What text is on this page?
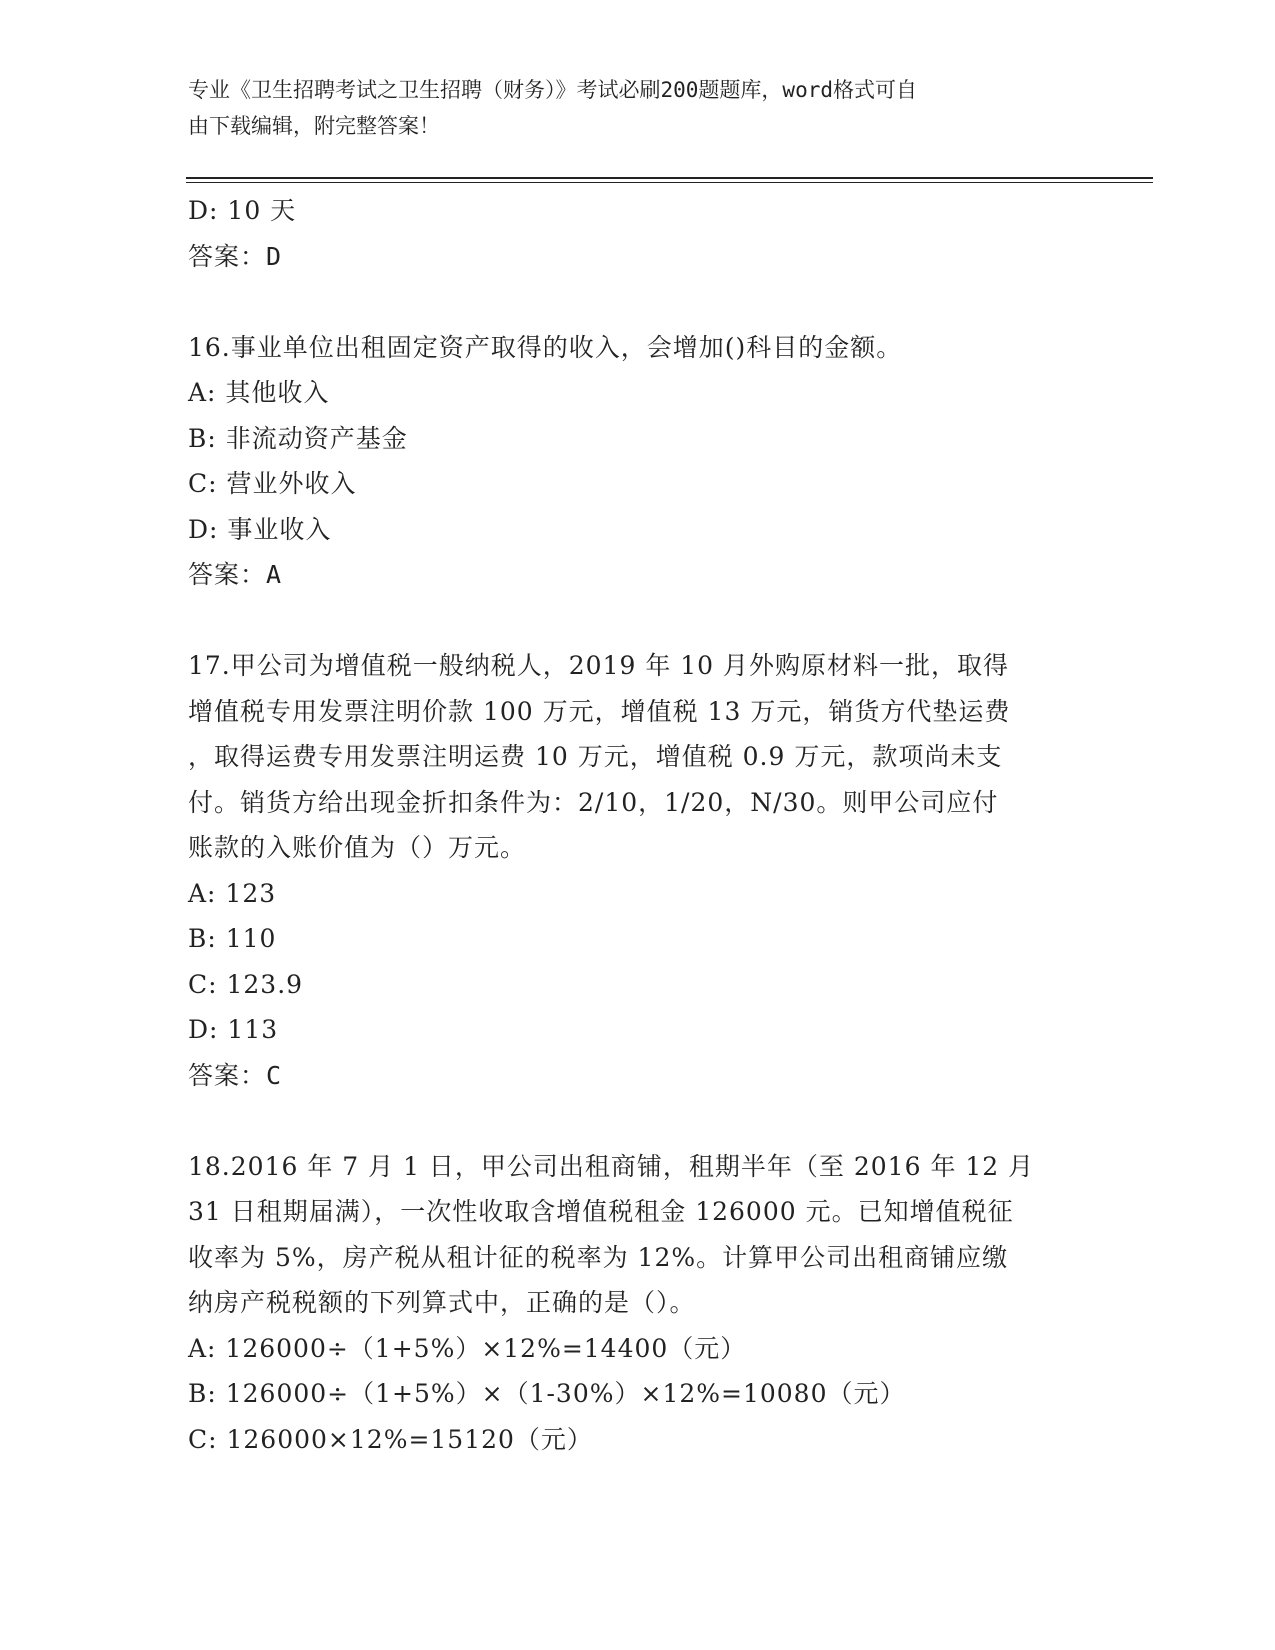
专业《卫生招聘考试之卫生招聘（财务）》考试必刷200题题库，word格式可自
由下载编辑，附完整答案！
D: 10 天
答案：D
16.事业单位出租固定资产取得的收入，会增加()科目的金额。
A: 其他收入
B: 非流动资产基金
C: 营业外收入
D: 事业收入
答案：A
17.甲公司为增值税一般纳税人，2019 年 10 月外购原材料一批，取得
增值税专用发票注明价款 100 万元，增值税 13 万元，销货方代垫运费
，取得运费专用发票注明运费 10 万元，增值税 0.9 万元，款项尚未支
付。销货方给出现金折扣条件为：2/10，1/20，N/30。则甲公司应付
账款的入账价值为（）万元。
A: 123
B: 110
C: 123.9
D: 113
答案：C
18.2016 年 7 月 1 日，甲公司出租商铺，租期半年（至 2016 年 12 月
31 日租期届满），一次性收取含增值税租金 126000 元。已知增值税征
收率为 5%，房产税从租计征的税率为 12%。计算甲公司出租商铺应缴
纳房产税税额的下列算式中，正确的是（）。
A: 126000÷（1+5%）×12%=14400（元）
B: 126000÷（1+5%）×（1-30%）×12%=10080（元）
C: 126000×12%=15120（元）
